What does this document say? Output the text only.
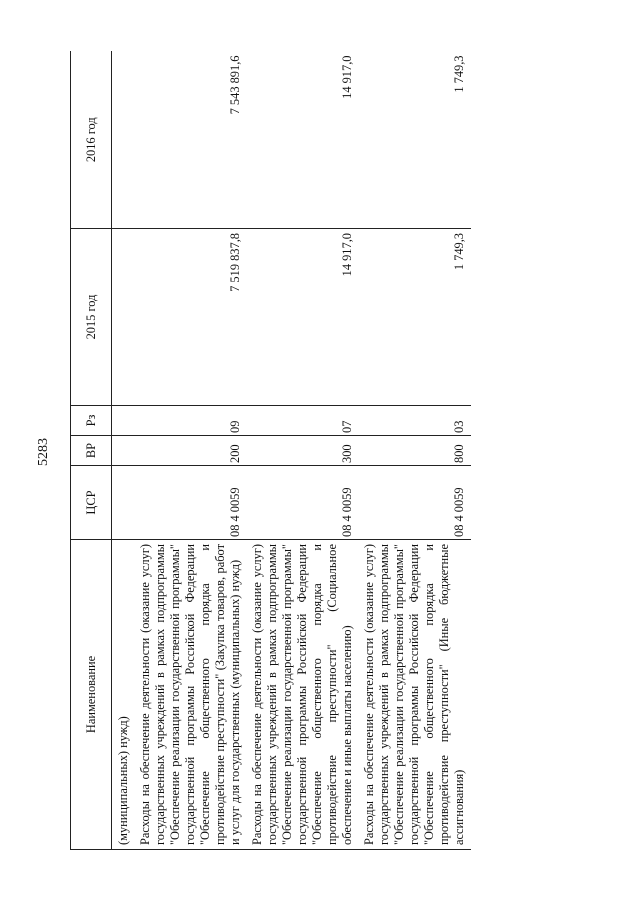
5283
Наименование	ЦСР	ВР	Рз	2015 год	2016 год
(муниципальных) нужд)					
Расходы на обеспечение деятельности (оказание услуг) государственных учреждений в рамках подпрограммы "Обеспечение реализации государственной программы" государственной программы Российской Федерации "Обеспечение общественного порядка и противодействие преступности" (Закупка товаров, работ и услуг для государственных (муниципальных) нужд)	08 4 0059	200	09	7 519 837,8	7 543 891,6
Расходы на обеспечение деятельности (оказание услуг) государственных учреждений в рамках подпрограммы "Обеспечение реализации государственной программы" государственной программы Российской Федерации "Обеспечение общественного порядка и противодействие преступности" (Социальное обеспечение и иные выплаты населению)	08 4 0059	300	07	14 917,0	14 917,0
Расходы на обеспечение деятельности (оказание услуг) государственных учреждений в рамках подпрограммы "Обеспечение реализации государственной программы" государственной программы Российской Федерации "Обеспечение общественного порядка и противодействие преступности" (Иные бюджетные ассигнования)	08 4 0059	800	03	1 749,3	1 749,3
